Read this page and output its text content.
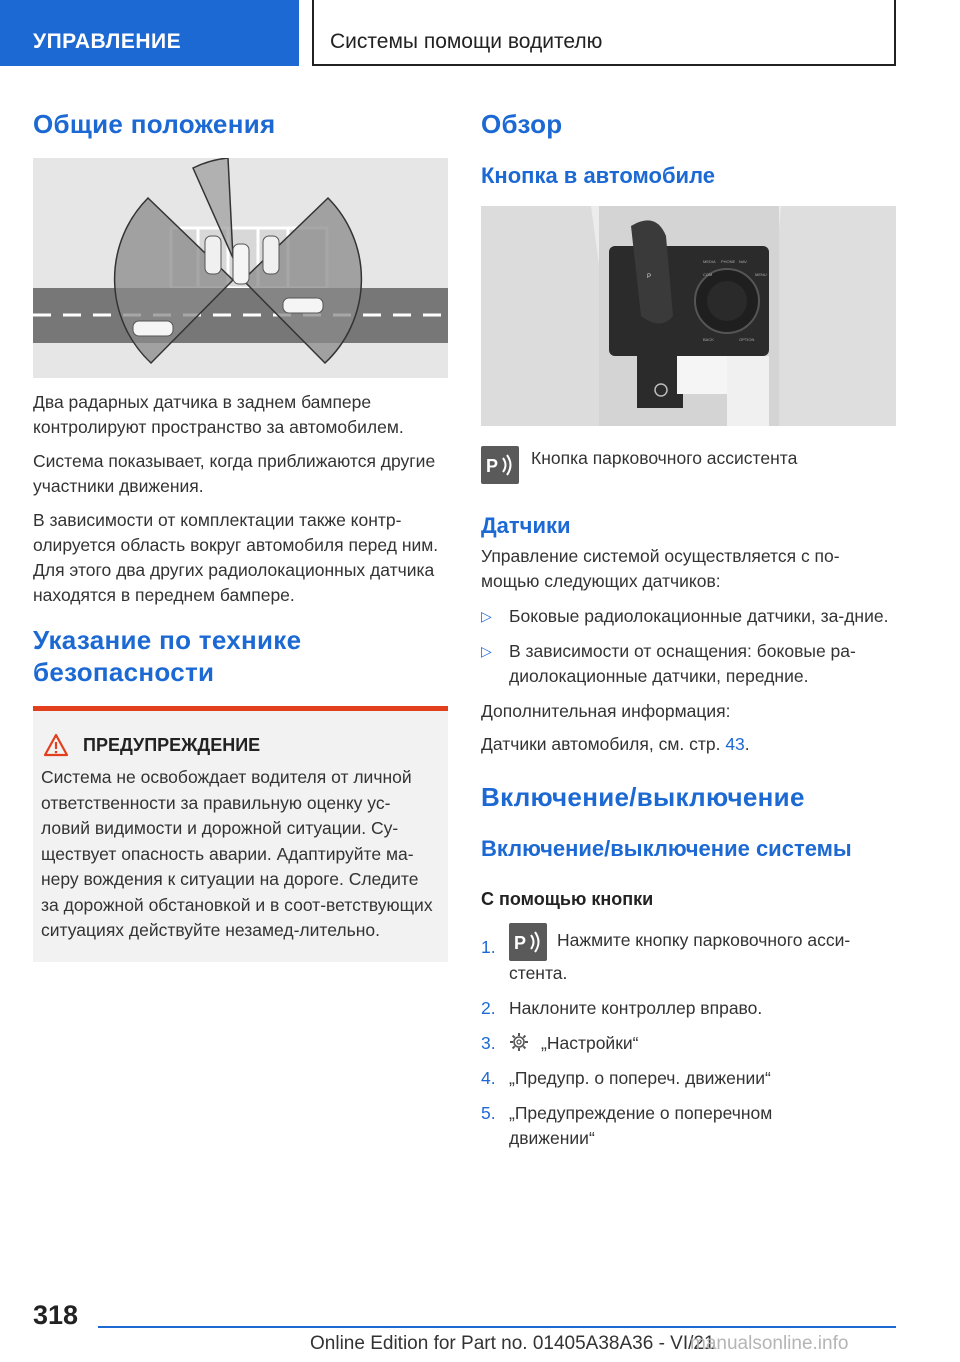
УПРАВЛЕНИЕ	Системы помощи водителю
Общие положения

Два радарных датчика в заднем бампере контролируют пространство за автомобилем.

Система показывает, когда приближаются другие участники движения.

В зависимости от комплектации также контр-олируется область вокруг автомобиля перед ним. Для этого два других радиолокационных датчика находятся в переднем бампере.

Указание по технике безопасности
ПРЕДУПРЕЖДЕНИЕ

Система не освобождает водителя от личной ответственности за правильную оценку ус-ловий видимости и дорожной ситуации. Су-ществует опасность аварии. Адаптируйте ма-неру вождения к ситуации на дороге. Следите за дорожной обстановкой и в соот-ветствующих ситуациях действуйте незамед-лительно.

Обзор
Кнопка в автомобиле
P
MEDIA PHONE NAV
MENU
COM
BACK	OPTION
P Кнопка парковочного ассистента

Датчики

Управление системой осуществляется с по-мощью следующих датчиков:

▷ Боковые радиолокационные датчики, за-дние.

▷ В зависимости от оснащения: боковые ра-диолокационные датчики, передние.

Дополнительная информация:

Датчики автомобиля, см. стр. 43.

Включение/выключение
Включение/выключение системы
С помощью кнопки
1.	P Нажмите кнопку парковочного асси-стента.
2. Наклоните контроллер вправо.

3.	„Настройки“

4. „Предупр. о попереч. движении“

5. „Предупреждение о поперечном движении“

318
Online Edition for Part no. 01405A38A36 - VI/21
manualsonline.info
